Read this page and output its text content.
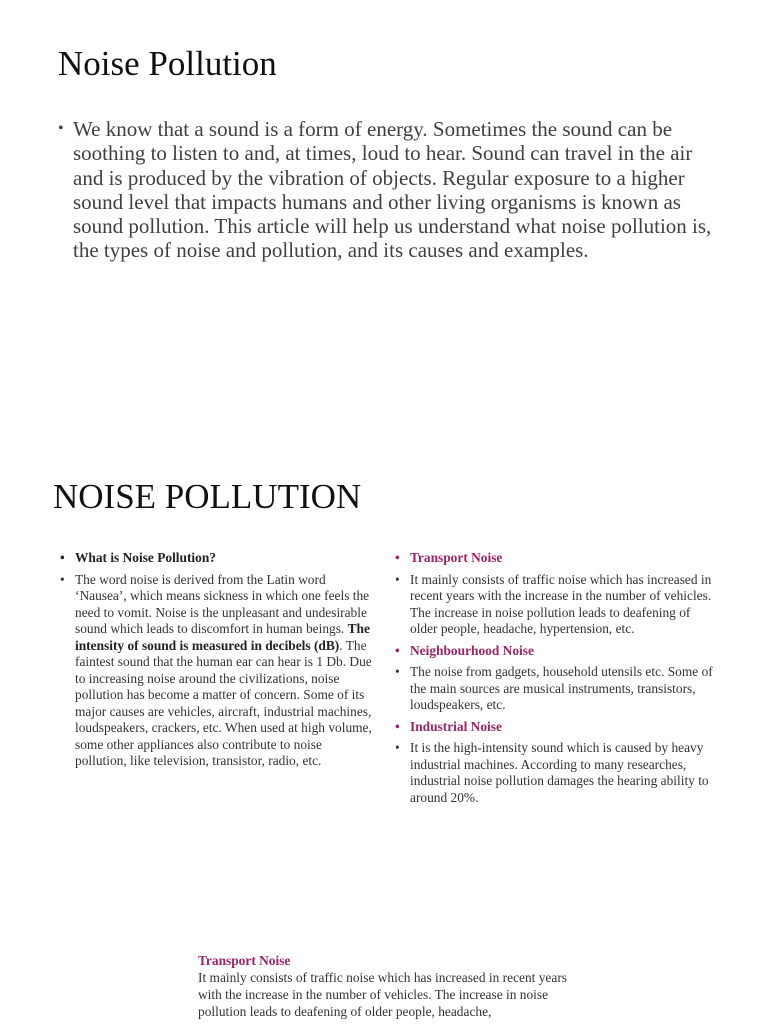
Noise Pollution
• We know that a sound is a form of energy. Sometimes the sound can be soothing to listen to and, at times, loud to hear. Sound can travel in the air and is produced by the vibration of objects. Regular exposure to a higher sound level that impacts humans and other living organisms is known as sound pollution. This article will help us understand what noise pollution is, the types of noise and pollution, and its causes and examples.
NOISE POLLUTION
• What is Noise Pollution?
• The word noise is derived from the Latin word ‘Nausea’, which means sickness in which one feels the need to vomit. Noise is the unpleasant and undesirable sound which leads to discomfort in human beings. The intensity of sound is measured in decibels (dB). The faintest sound that the human ear can hear is 1 Db. Due to increasing noise around the civilizations, noise pollution has become a matter of concern. Some of its major causes are vehicles, aircraft, industrial machines, loudspeakers, crackers, etc. When used at high volume, some other appliances also contribute to noise pollution, like television, transistor, radio, etc.
• Transport Noise
• It mainly consists of traffic noise which has increased in recent years with the increase in the number of vehicles. The increase in noise pollution leads to deafening of older people, headache, hypertension, etc.
• Neighbourhood Noise
• The noise from gadgets, household utensils etc. Some of the main sources are musical instruments, transistors, loudspeakers, etc.
• Industrial Noise
• It is the high-intensity sound which is caused by heavy industrial machines. According to many researches, industrial noise pollution damages the hearing ability to around 20%.

Transport Noise

It mainly consists of traffic noise which has increased in recent years with the increase in the number of vehicles. The increase in noise pollution leads to deafening of older people, headache,
